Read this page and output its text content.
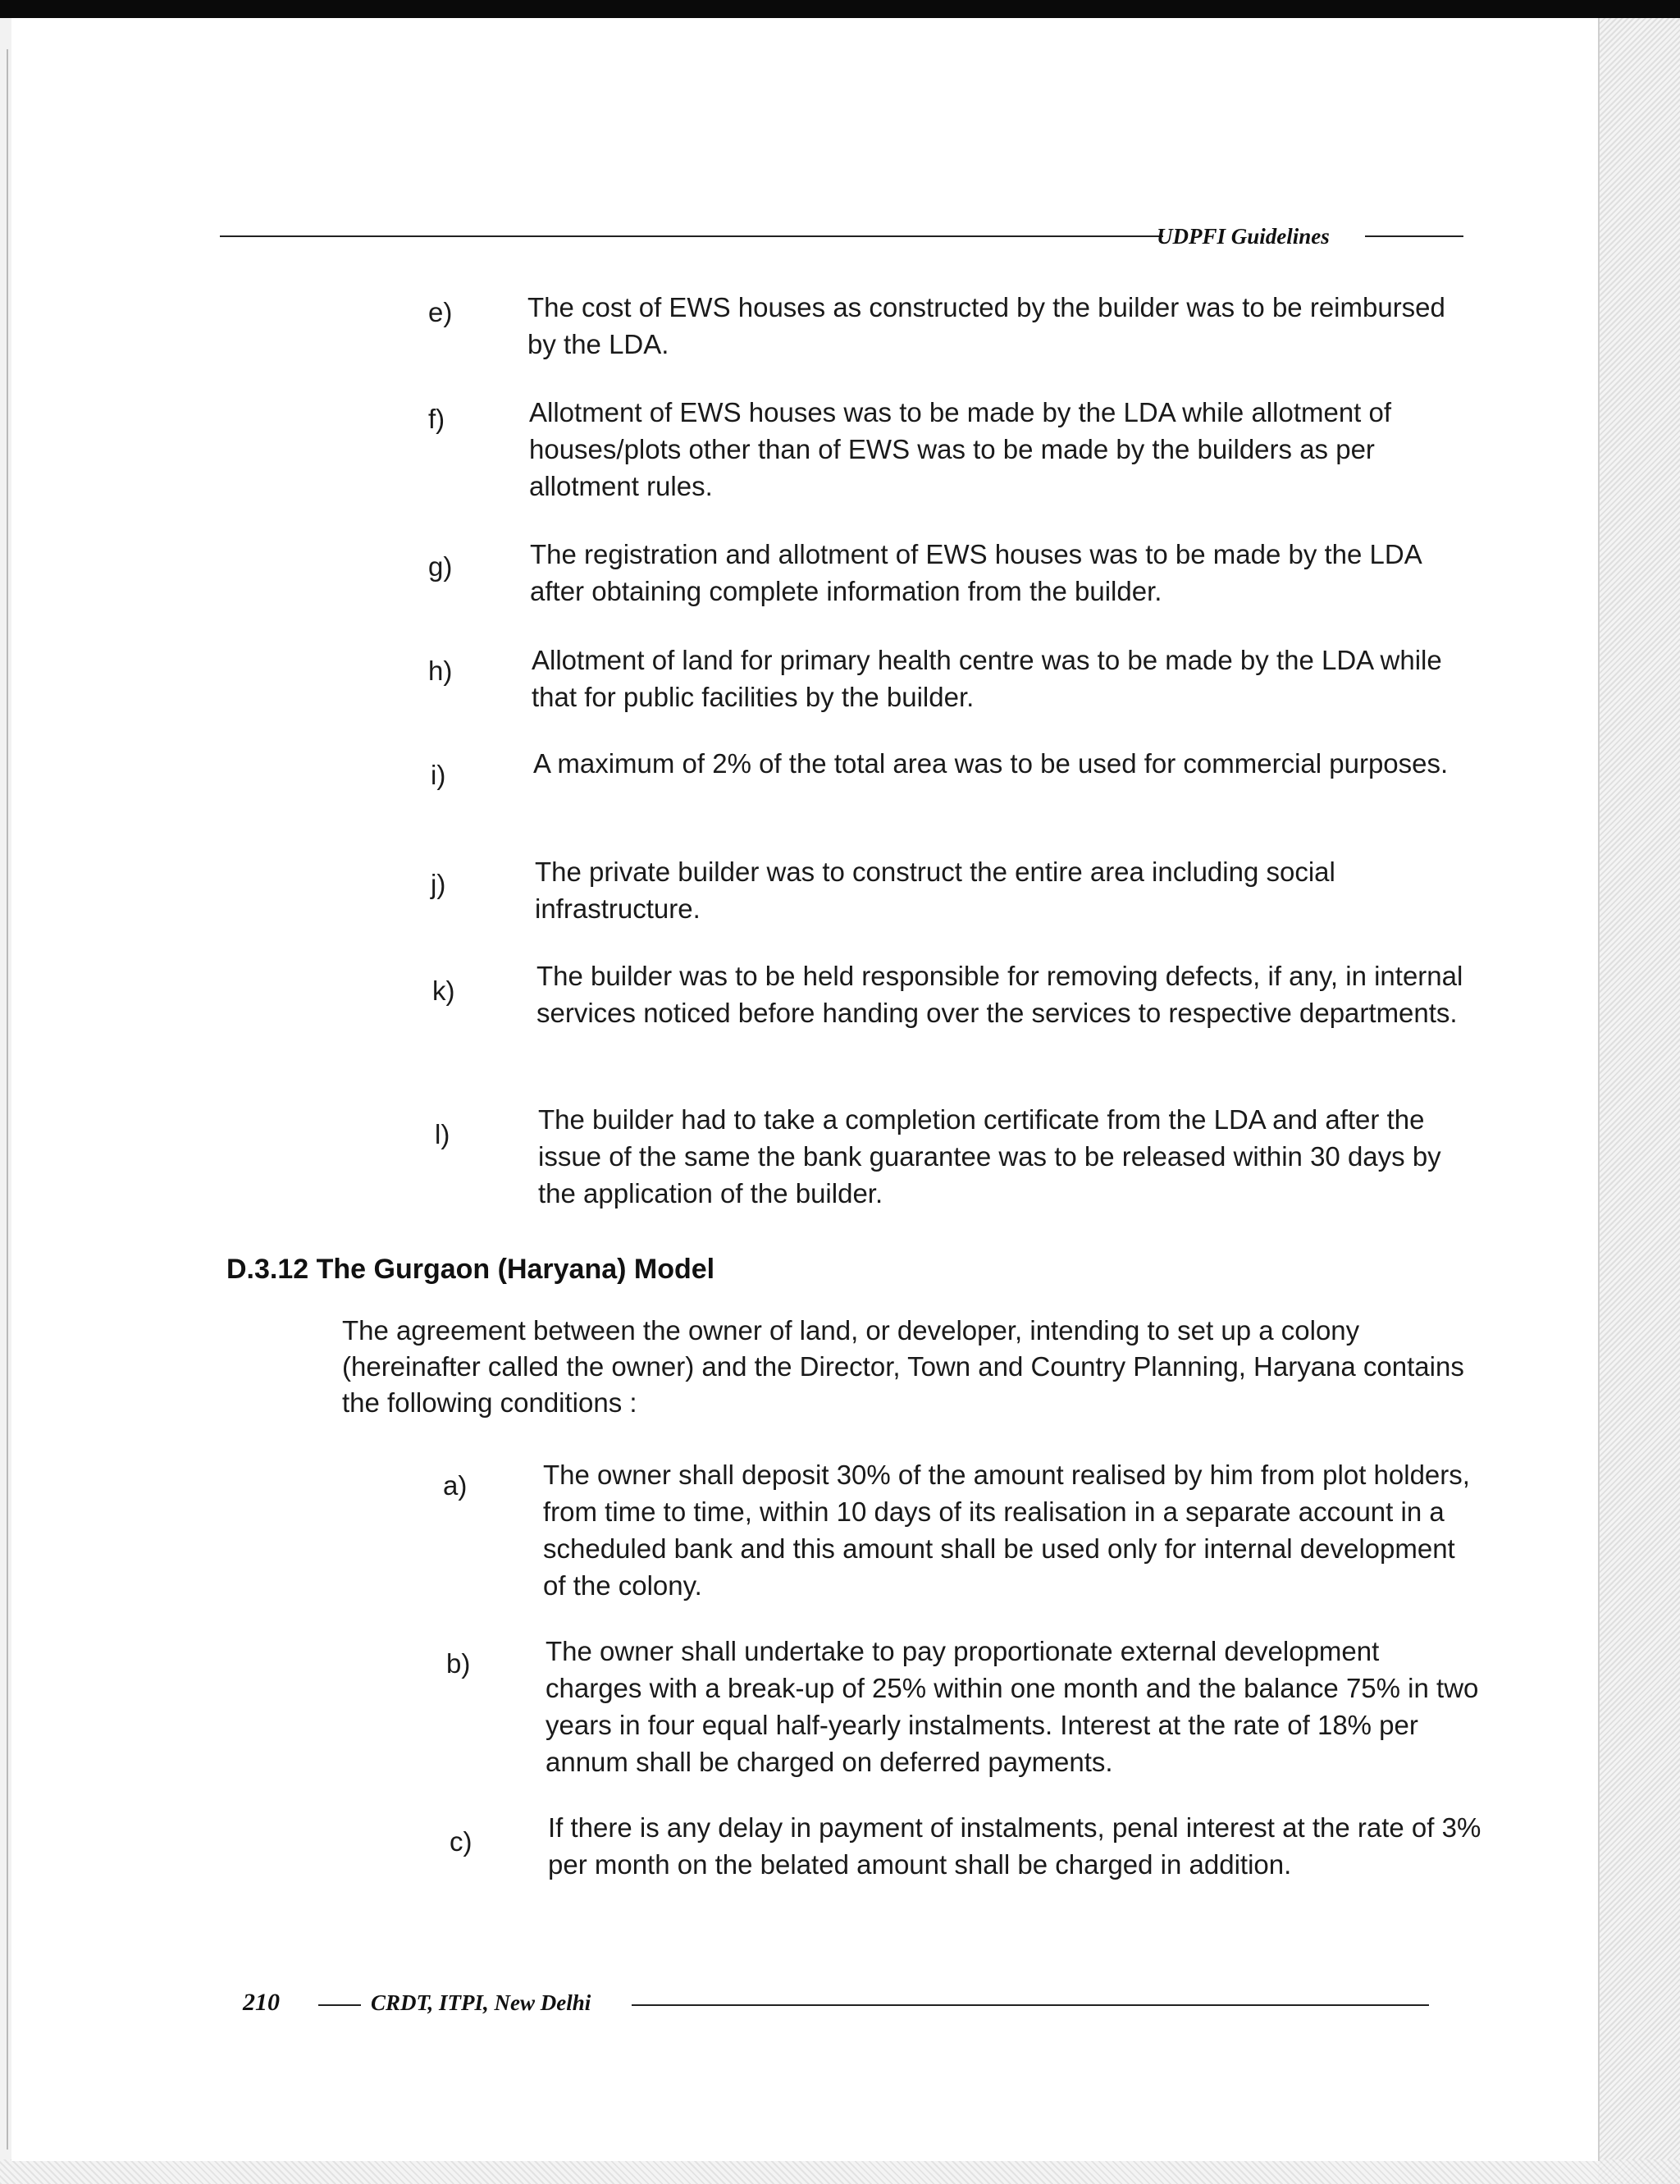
UDPFI Guidelines
e)	The cost of EWS houses as constructed by the builder was to be reimbursed by the LDA.
f)	Allotment of EWS houses was to be made by the LDA while allotment of houses/plots other than of EWS was to be made by the builders as per allotment rules.
g)	The registration and allotment of EWS houses was to be made by the LDA after obtaining complete information from the builder.
h)	Allotment of land for primary health centre was to be made by the LDA while that for public facilities by the builder.
i)	A maximum of 2% of the total area was to be used for commercial purposes.
j)	The private builder was to construct the entire area including social infrastructure.
k)	The builder was to be held responsible for removing defects, if any, in internal services noticed before handing over the services to respective departments.
l)	The builder had to take a completion certificate from the LDA and after the issue of the same the bank guarantee was to be released within 30 days by the application of the builder.
D.3.12 The Gurgaon (Haryana) Model
The agreement between the owner of land, or developer, intending to set up a colony (hereinafter called the owner) and the Director, Town and Country Planning, Haryana contains the following conditions :
a)	The owner shall deposit 30% of the amount realised by him from plot holders, from time to time, within 10 days of its realisation in a separate account in a scheduled bank and this amount shall be used only for internal development of the colony.
b)	The owner shall undertake to pay proportionate external development charges with a break-up of 25% within one month and the balance 75% in two years in four equal half-yearly instalments. Interest at the rate of 18% per annum shall be charged on deferred payments.
c)	If there is any delay in payment of instalments, penal interest at the rate of 3% per month on the belated amount shall be charged in addition.
210	CRDT, ITPI, New Delhi
